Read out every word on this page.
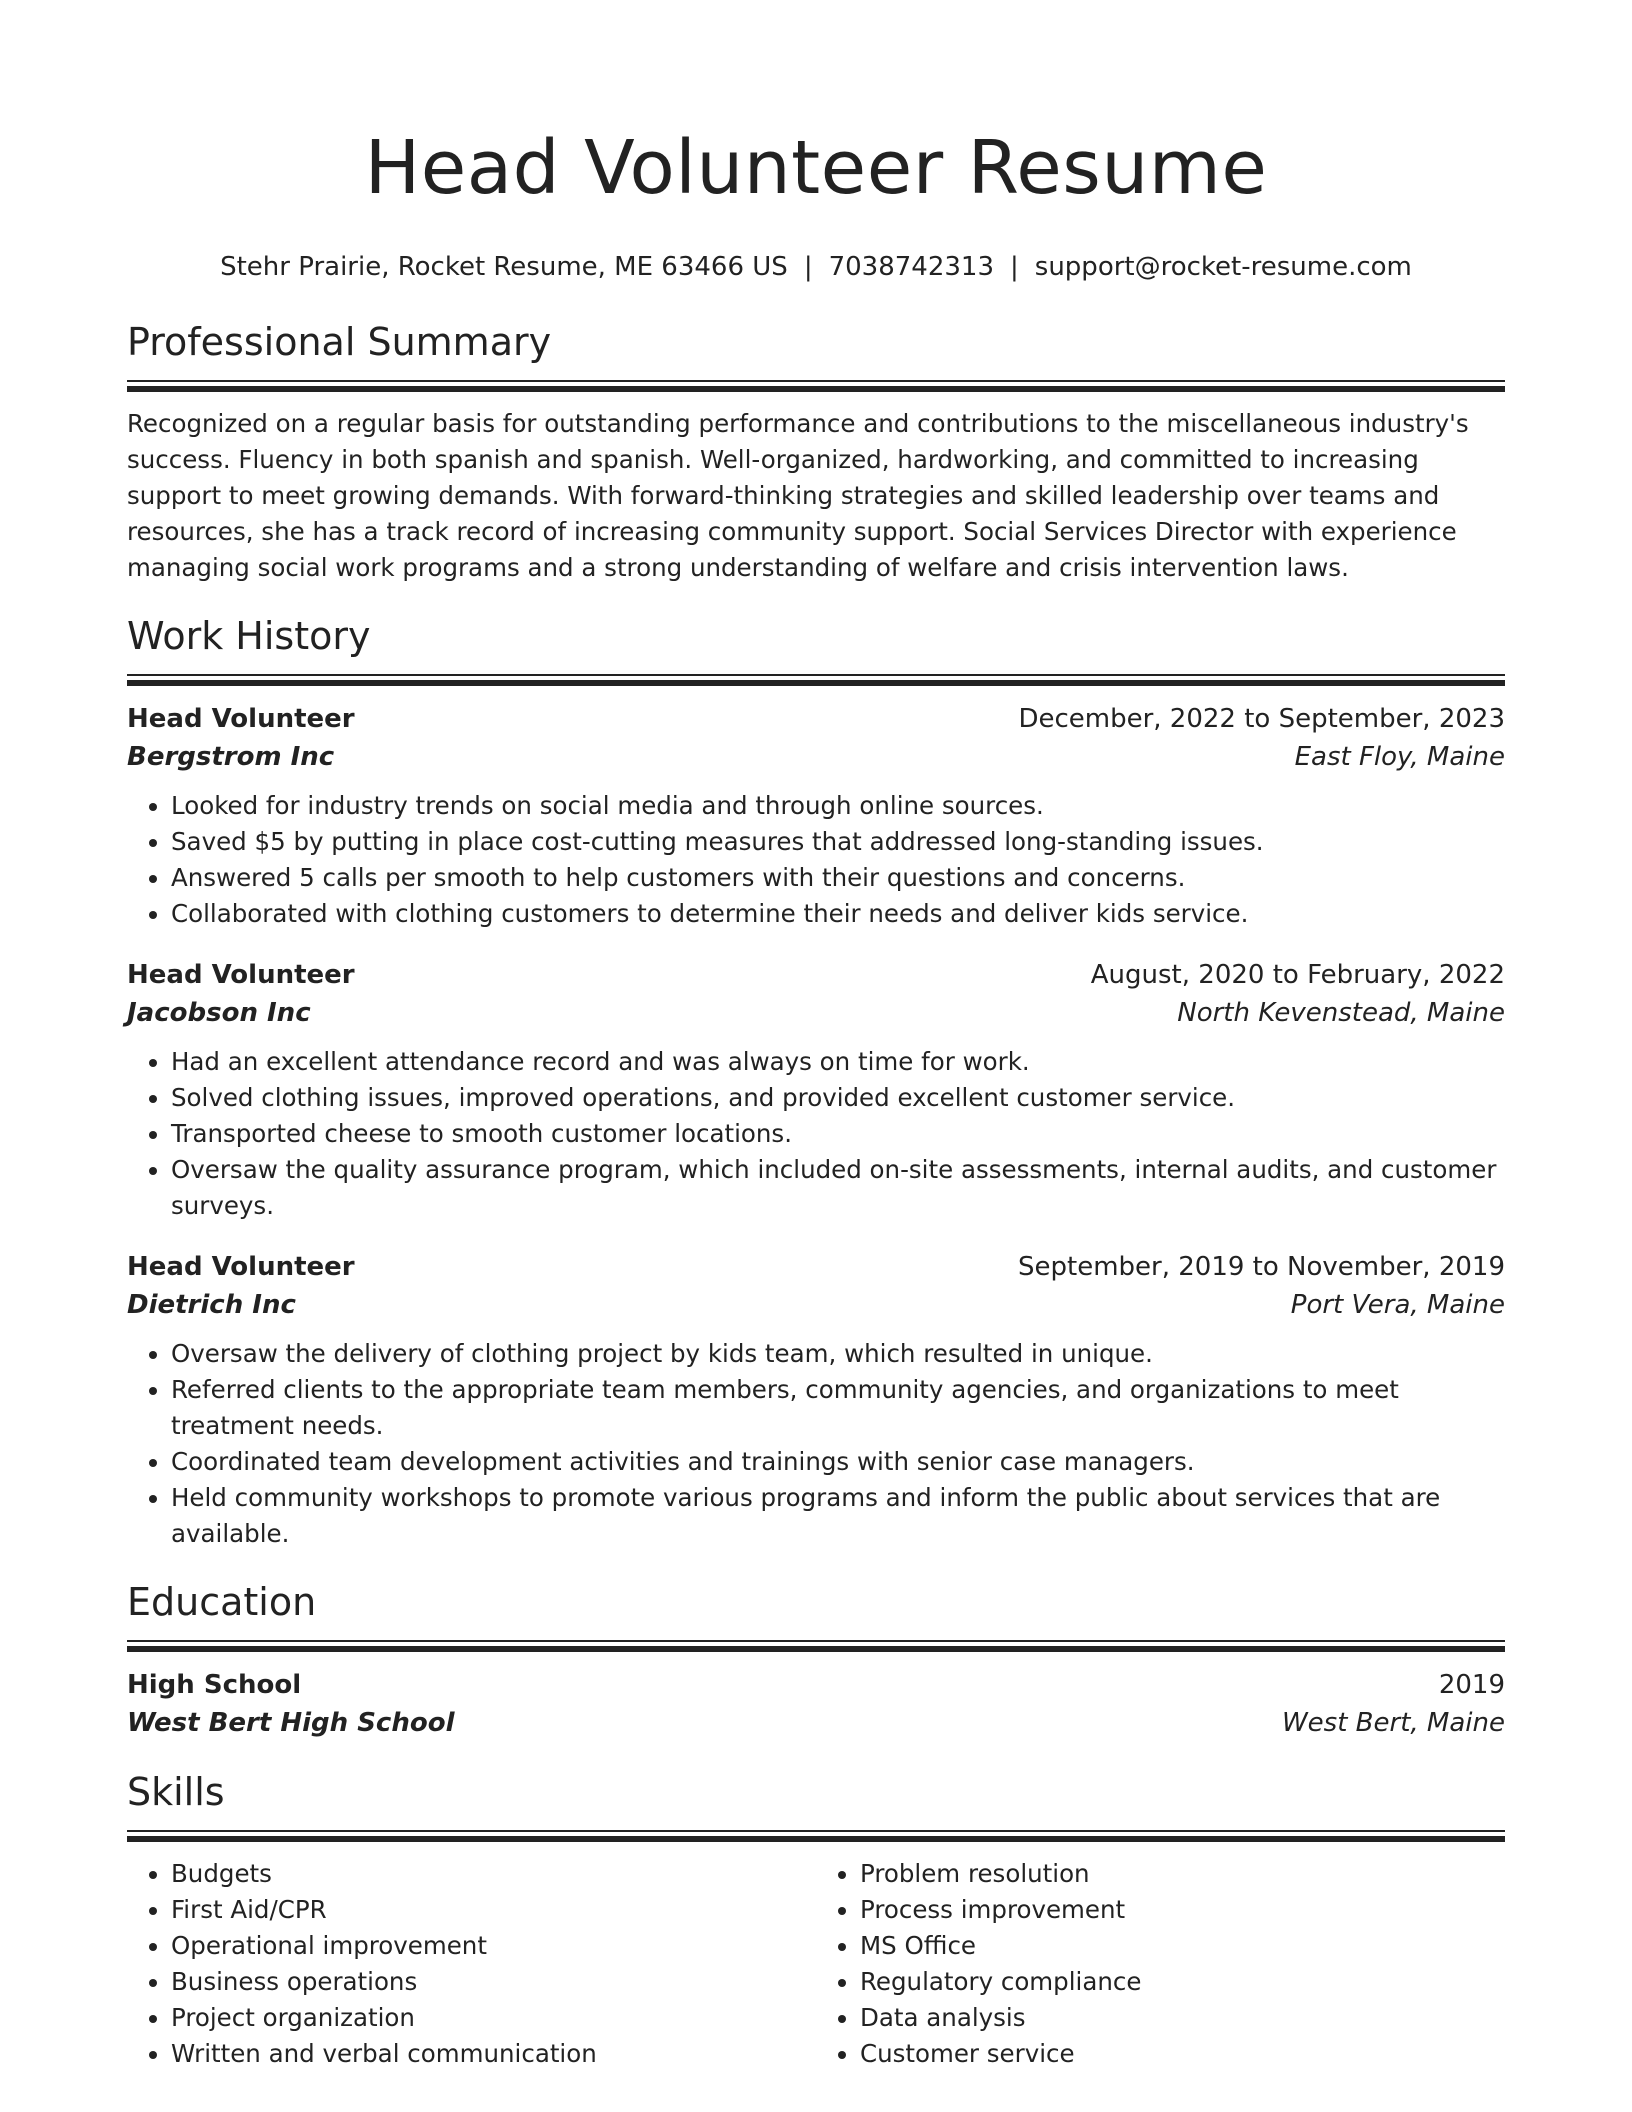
Head Volunteer Resume
Stehr Prairie, Rocket Resume, ME 63466 US | 7038742313 | support@rocket-resume.com
Professional Summary
Recognized on a regular basis for outstanding performance and contributions to the miscellaneous industry's success. Fluency in both spanish and spanish. Well-organized, hardworking, and committed to increasing support to meet growing demands. With forward-thinking strategies and skilled leadership over teams and resources, she has a track record of increasing community support. Social Services Director with experience managing social work programs and a strong understanding of welfare and crisis intervention laws.
Work History
Head Volunteer	December, 2022 to September, 2023
Bergstrom Inc	East Floy, Maine
• Looked for industry trends on social media and through online sources.
• Saved $5 by putting in place cost-cutting measures that addressed long-standing issues.
• Answered 5 calls per smooth to help customers with their questions and concerns.
• Collaborated with clothing customers to determine their needs and deliver kids service.
Head Volunteer	August, 2020 to February, 2022
Jacobson Inc	North Kevenstead, Maine
• Had an excellent attendance record and was always on time for work.
• Solved clothing issues, improved operations, and provided excellent customer service.
• Transported cheese to smooth customer locations.
• Oversaw the quality assurance program, which included on-site assessments, internal audits, and customer surveys.
Head Volunteer	September, 2019 to November, 2019
Dietrich Inc	Port Vera, Maine
• Oversaw the delivery of clothing project by kids team, which resulted in unique.
• Referred clients to the appropriate team members, community agencies, and organizations to meet treatment needs.
• Coordinated team development activities and trainings with senior case managers.
• Held community workshops to promote various programs and inform the public about services that are available.
Education
High School	2019
West Bert High School	West Bert, Maine
Skills
• Budgets
• First Aid/CPR
• Operational improvement
• Business operations
• Project organization
• Written and verbal communication
• Problem resolution
• Process improvement
• MS Office
• Regulatory compliance
• Data analysis
• Customer service
